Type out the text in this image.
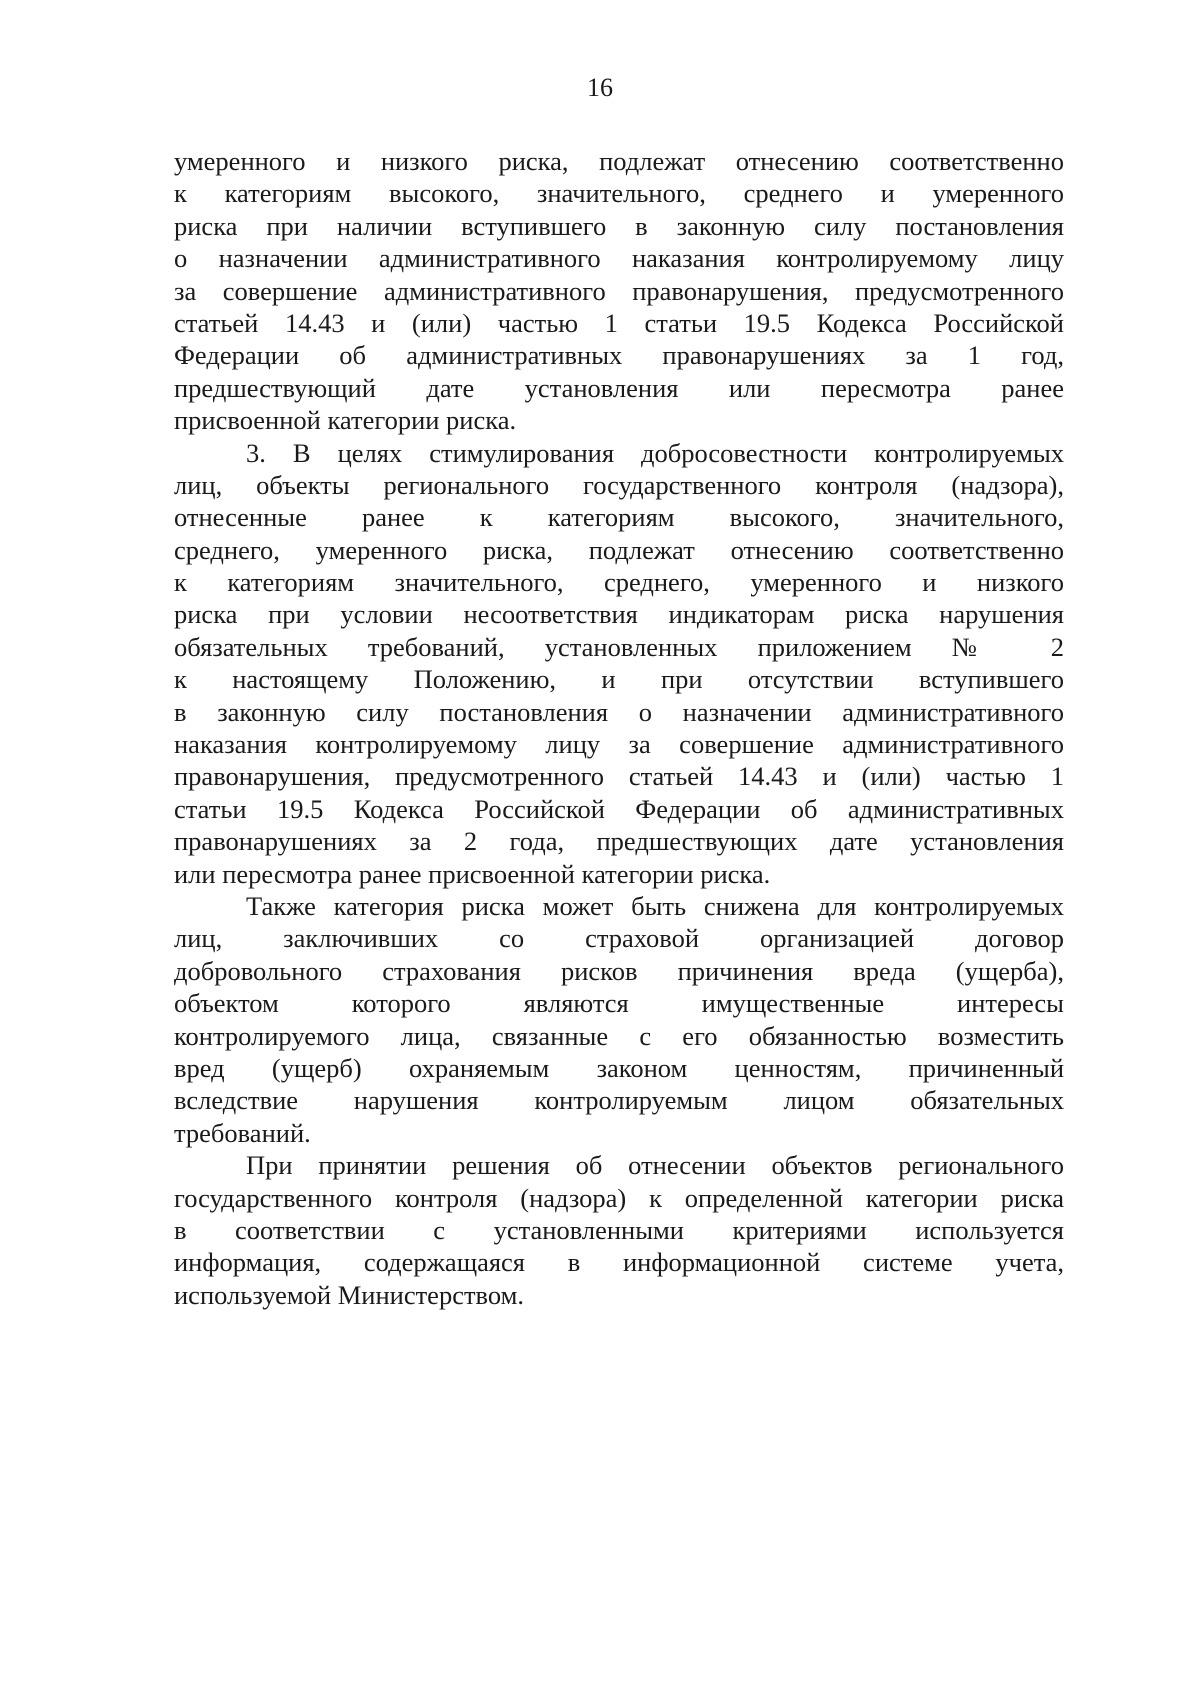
16
умеренного и низкого риска, подлежат отнесению соответственно
к категориям высокого, значительного, среднего и умеренного
риска при наличии вступившего в законную силу постановления
о назначении административного наказания контролируемому лицу
за совершение административного правонарушения, предусмотренного
статьей 14.43 и (или) частью 1 статьи 19.5 Кодекса Российской
Федерации об административных правонарушениях за 1 год,
предшествующий дате установления или пересмотра ранее
присвоенной категории риска.
3. В целях стимулирования добросовестности контролируемых
лиц, объекты регионального государственного контроля (надзора),
отнесенные ранее к категориям высокого, значительного,
среднего, умеренного риска, подлежат отнесению соответственно
к категориям значительного, среднего, умеренного и низкого
риска при условии несоответствия индикаторам риска нарушения
обязательных требований, установленных приложением № 2
к настоящему Положению, и при отсутствии вступившего
в законную силу постановления о назначении административного
наказания контролируемому лицу за совершение административного
правонарушения, предусмотренного статьей 14.43 и (или) частью 1
статьи 19.5 Кодекса Российской Федерации об административных
правонарушениях за 2 года, предшествующих дате установления
или пересмотра ранее присвоенной категории риска.
Также категория риска может быть снижена для контролируемых
лиц, заключивших со страховой организацией договор
добровольного страхования рисков причинения вреда (ущерба),
объектом которого являются имущественные интересы
контролируемого лица, связанные с его обязанностью возместить
вред (ущерб) охраняемым законом ценностям, причиненный
вследствие нарушения контролируемым лицом обязательных
требований.
При принятии решения об отнесении объектов регионального
государственного контроля (надзора) к определенной категории риска
в соответствии с установленными критериями используется
информация, содержащаяся в информационной системе учета,
используемой Министерством.
